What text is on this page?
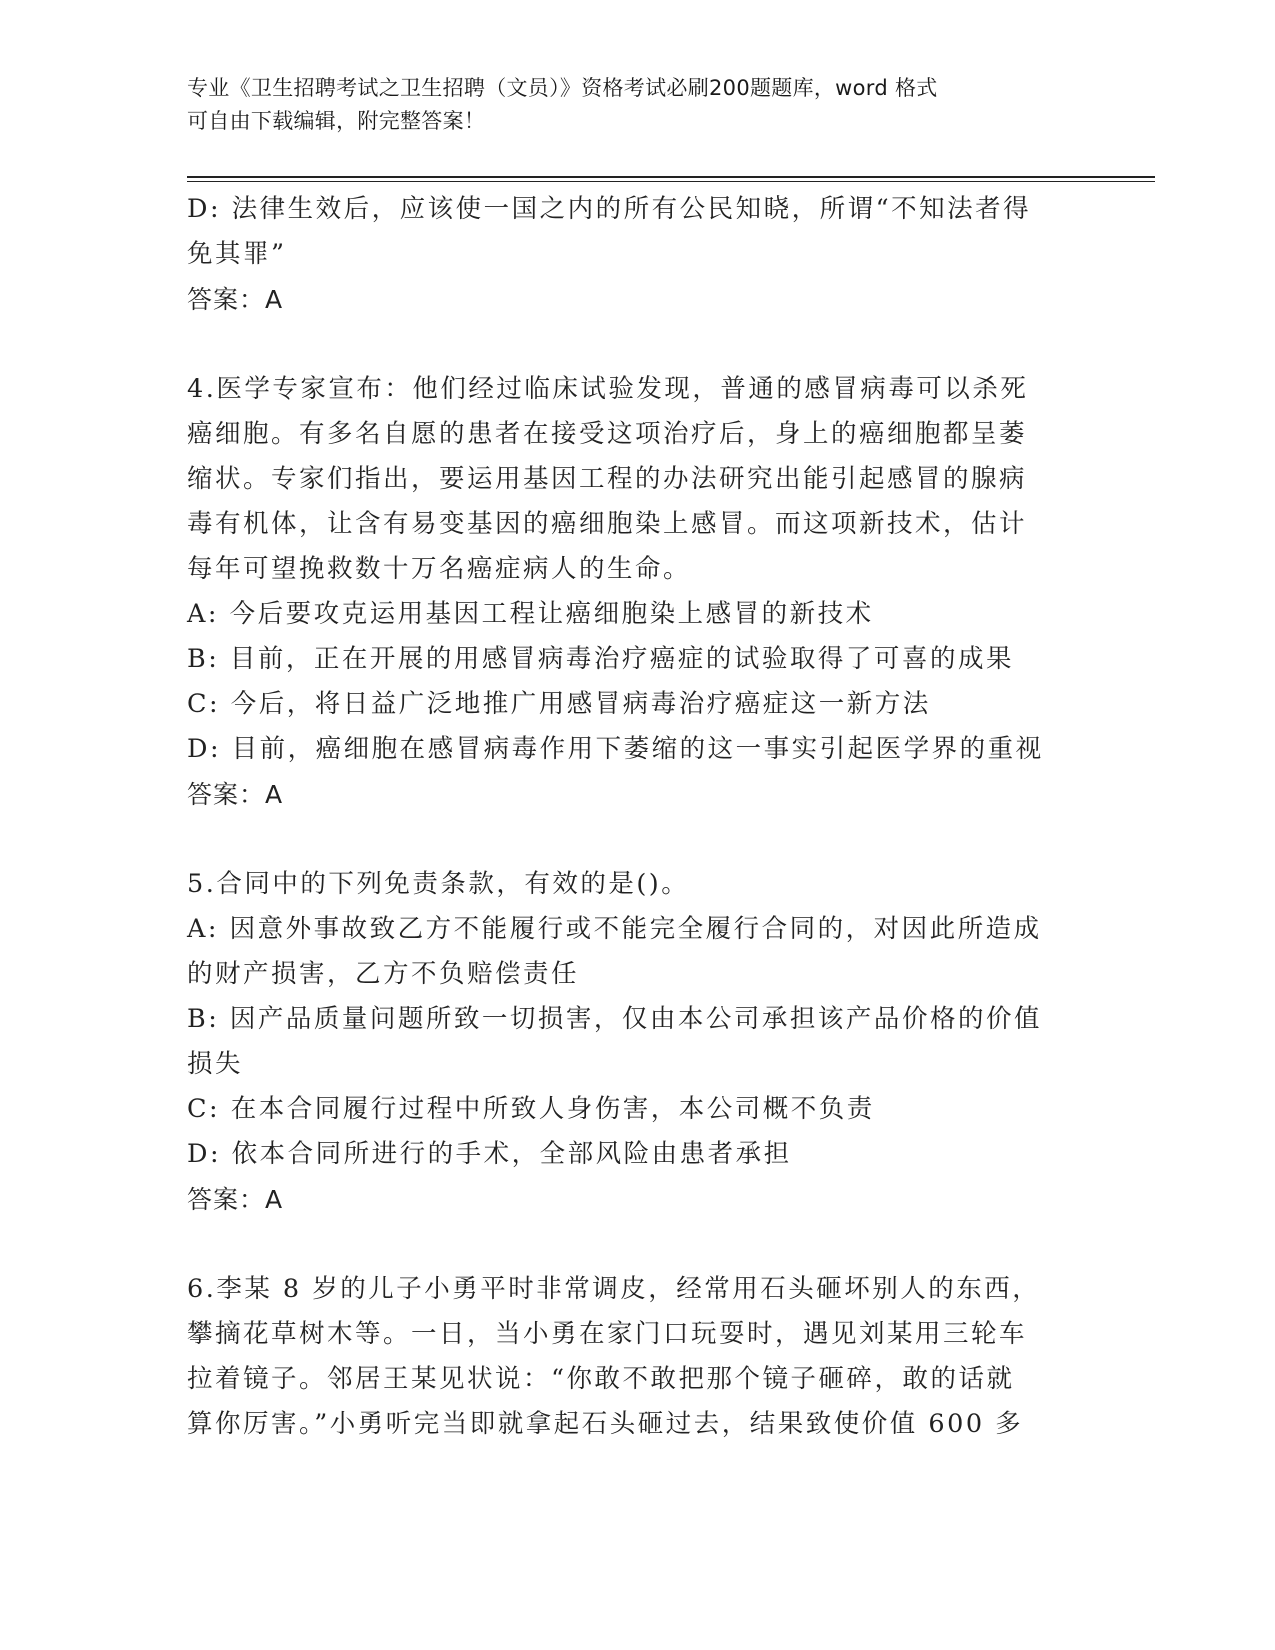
专业《卫生招聘考试之卫生招聘（文员）》资格考试必刷200题题库，word 格式
可自由下载编辑，附完整答案！
D: 法律生效后，应该使一国之内的所有公民知晓，所谓“不知法者得
免其罪”
答案：A
4.医学专家宣布：他们经过临床试验发现，普通的感冒病毒可以杀死
癌细胞。有多名自愿的患者在接受这项治疗后，身上的癌细胞都呈萎
缩状。专家们指出，要运用基因工程的办法研究出能引起感冒的腺病
毒有机体，让含有易变基因的癌细胞染上感冒。而这项新技术，估计
每年可望挽救数十万名癌症病人的生命。
A: 今后要攻克运用基因工程让癌细胞染上感冒的新技术
B: 目前，正在开展的用感冒病毒治疗癌症的试验取得了可喜的成果
C: 今后，将日益广泛地推广用感冒病毒治疗癌症这一新方法
D: 目前，癌细胞在感冒病毒作用下萎缩的这一事实引起医学界的重视
答案：A
5.合同中的下列免责条款，有效的是()。
A: 因意外事故致乙方不能履行或不能完全履行合同的，对因此所造成
的财产损害，乙方不负赔偿责任
B: 因产品质量问题所致一切损害，仅由本公司承担该产品价格的价值
损失
C: 在本合同履行过程中所致人身伤害，本公司概不负责
D: 依本合同所进行的手术，全部风险由患者承担
答案：A
6.李某 8 岁的儿子小勇平时非常调皮，经常用石头砸坏别人的东西，
攀摘花草树木等。一日，当小勇在家门口玩耍时，遇见刘某用三轮车
拉着镜子。邻居王某见状说：“你敢不敢把那个镜子砸碎，敢的话就
算你厉害。”小勇听完当即就拿起石头砸过去，结果致使价值 600 多
